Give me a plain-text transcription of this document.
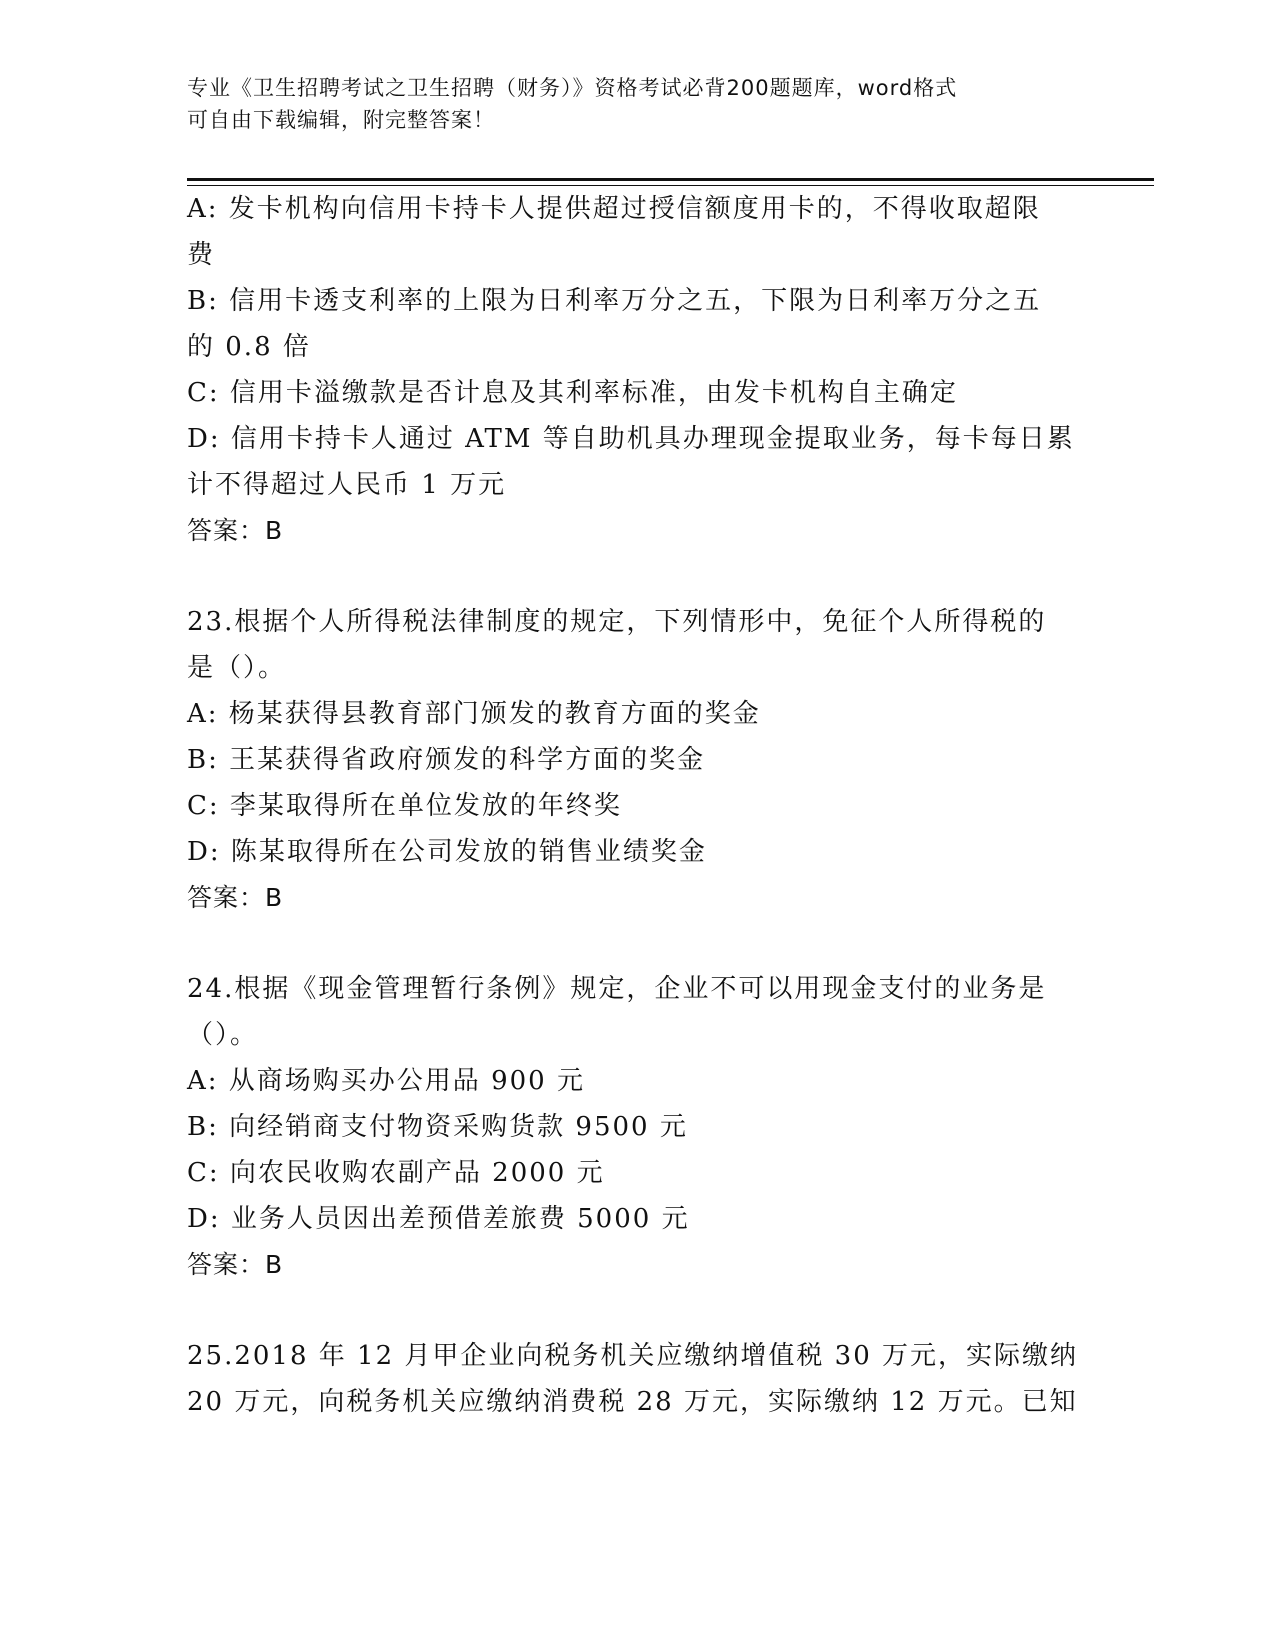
专业《卫生招聘考试之卫生招聘（财务）》资格考试必背200题题库，word格式
可自由下载编辑，附完整答案！
A: 发卡机构向信用卡持卡人提供超过授信额度用卡的，不得收取超限
费
B: 信用卡透支利率的上限为日利率万分之五，下限为日利率万分之五
的 0.8 倍
C: 信用卡溢缴款是否计息及其利率标准，由发卡机构自主确定
D: 信用卡持卡人通过 ATM 等自助机具办理现金提取业务，每卡每日累
计不得超过人民币 1 万元
答案：B
23.根据个人所得税法律制度的规定，下列情形中，免征个人所得税的
是（）。
A: 杨某获得县教育部门颁发的教育方面的奖金
B: 王某获得省政府颁发的科学方面的奖金
C: 李某取得所在单位发放的年终奖
D: 陈某取得所在公司发放的销售业绩奖金
答案：B
24.根据《现金管理暂行条例》规定，企业不可以用现金支付的业务是
（）。
A: 从商场购买办公用品 900 元
B: 向经销商支付物资采购货款 9500 元
C: 向农民收购农副产品 2000 元
D: 业务人员因出差预借差旅费 5000 元
答案：B
25.2018 年 12 月甲企业向税务机关应缴纳增值税 30 万元，实际缴纳
20 万元，向税务机关应缴纳消费税 28 万元，实际缴纳 12 万元。已知
